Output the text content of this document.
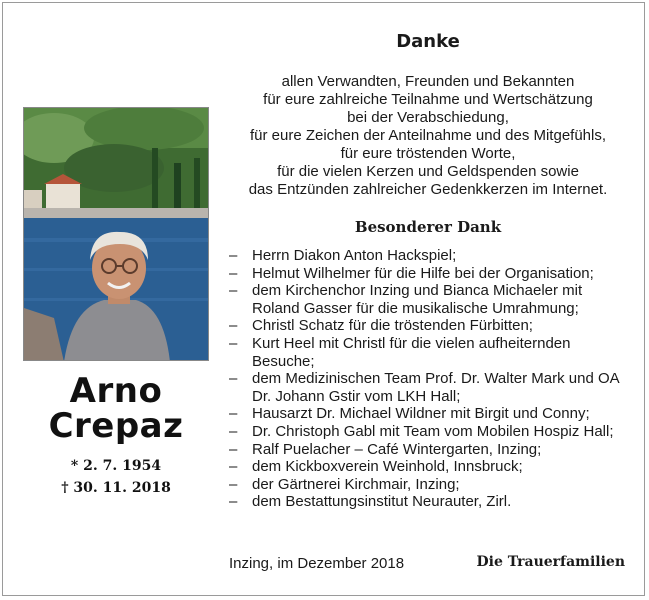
Arno
Crepaz
* 2. 7. 1954
† 30. 11. 2018
Danke
allen Verwandten, Freunden und Bekannten
für eure zahlreiche Teilnahme und Wertschätzung
bei der Verabschiedung,
für eure Zeichen der Anteilnahme und des Mitgefühls,
für eure tröstenden Worte,
für die vielen Kerzen und Geldspenden sowie
das Entzünden zahlreicher Gedenkkerzen im Internet.
Besonderer Dank
– Herrn Diakon Anton Hackspiel;
– Helmut Wilhelmer für die Hilfe bei der Organisation;
– dem Kirchenchor Inzing und Bianca Michaeler mit Roland Gasser für die musikalische Umrahmung;
– Christl Schatz für die tröstenden Fürbitten;
– Kurt Heel mit Christl für die vielen aufheiternden Besuche;
– dem Medizinischen Team Prof. Dr. Walter Mark und OA Dr. Johann Gstir vom LKH Hall;
– Hausarzt Dr. Michael Wildner mit Birgit und Conny;
– Dr. Christoph Gabl mit Team vom Mobilen Hospiz Hall;
– Ralf Puelacher – Café Wintergarten, Inzing;
– dem Kickboxverein Weinhold, Innsbruck;
– der Gärtnerei Kirchmair, Inzing;
– dem Bestattungsinstitut Neurauter, Zirl.
Inzing, im Dezember 2018	Die Trauerfamilien
